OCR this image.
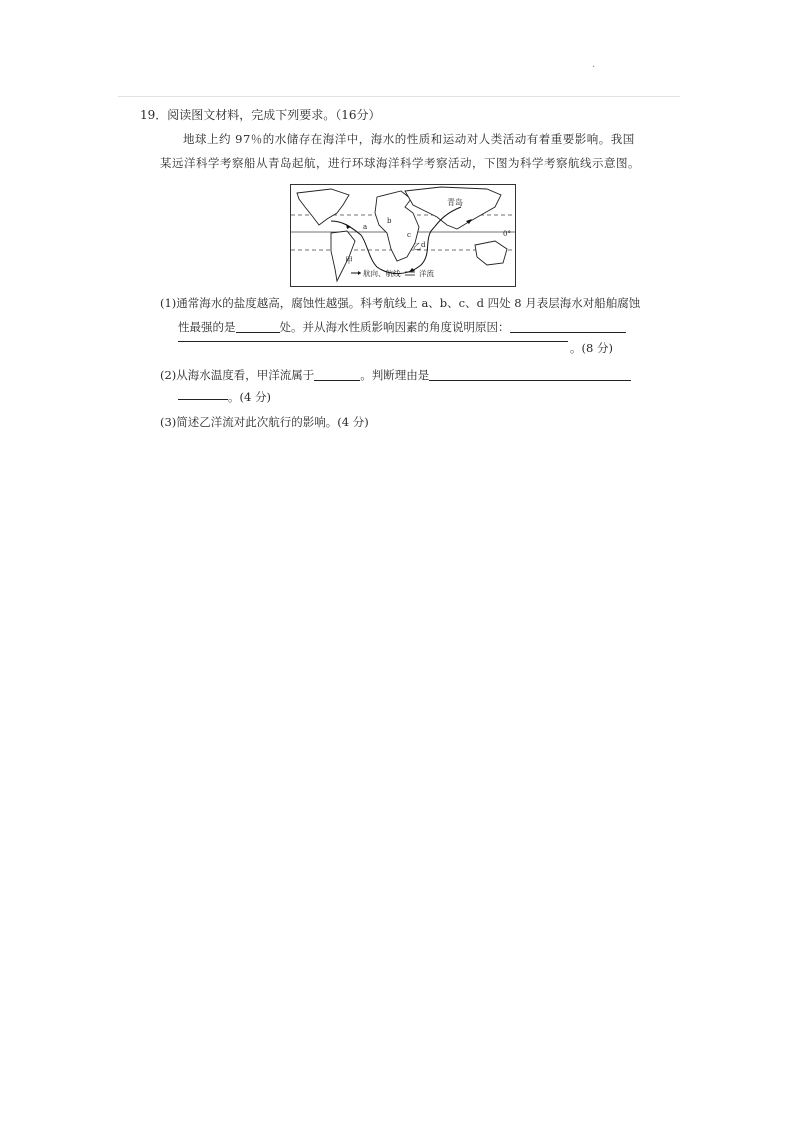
·
19．阅读图文材料，完成下列要求。（16分）
地球上约 97％的水储存在海洋中，海水的性质和运动对人类活动有着重要影响。我国
某远洋科学考察船从青岛起航，进行环球海洋科学考察活动，下图为科学考察航线示意图。
青岛
甲
乙
a
b
c
d
0°
航向、航线 洋流
(1)通常海水的盐度越高，腐蚀性越强。科考航线上 a、b、c、d 四处 8 月表层海水对船舶腐蚀
性最强的是	处。并从海水性质影响因素的角度说明原因：
。(8 分)
(2)从海水温度看，甲洋流属于	。判断理由是
。(4 分)
(3)简述乙洋流对此次航行的影响。(4 分)
